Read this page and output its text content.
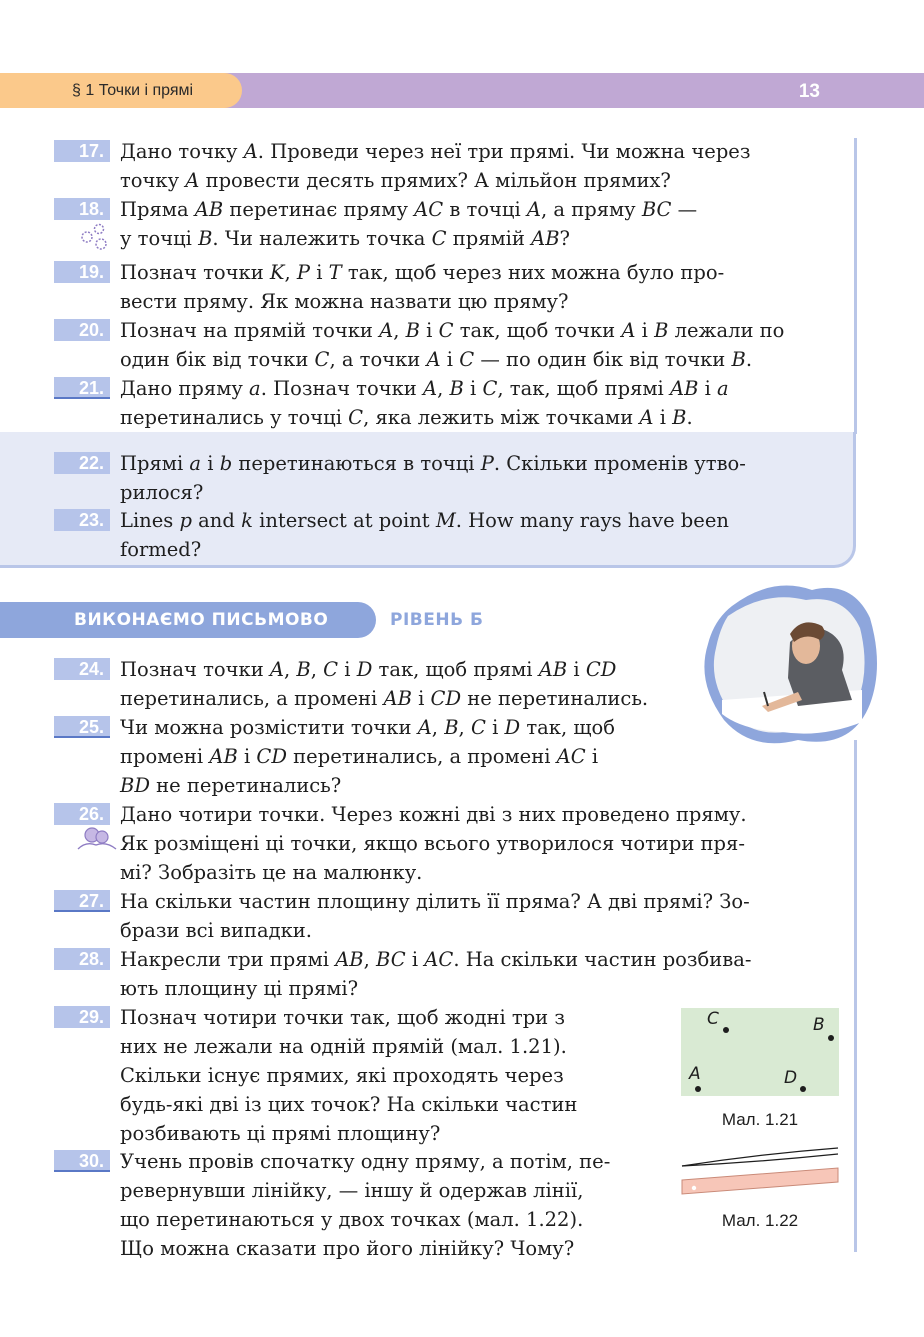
§ 1 Точки і прямі	13
ВИКОНАЄМО ПИСЬМОВО	РІВЕНЬ Б
17. Дано точку A. Проведи через неї три прямі. Чи можна через
точку A провести десять прямих? А мільйон прямих?
18. Пряма AB перетинає пряму AC в точці A, а пряму BC —
у точці B. Чи належить точка C прямій AB?
19. Познач точки K, P і T так, щоб через них можна було про-
вести пряму. Як можна назвати цю пряму?
20. Познач на прямій точки A, B і C так, щоб точки A і B лежали по
один бік від точки C, а точки A і C — по один бік від точки B.
21. Дано пряму a. Познач точки A, B і C, так, щоб прямі AB і a
перетинались у точці C, яка лежить між точками A і B.
22. Прямі a і b перетинаються в точці P. Скільки променів утво-
рилося?
23. Lines p and k intersect at point M. How many rays have been
formed?
24. Познач точки A, B, C і D так, щоб прямі AB і CD
перетинались, а промені AB і CD не перетинались.
25. Чи можна розмістити точки A, B, C і D так, щоб
промені AB і CD перетинались, а промені AC і
BD не перетинались?
26. Дано чотири точки. Через кожні дві з них проведено пряму.
Як розміщені ці точки, якщо всього утворилося чотири пря-
мі? Зобразіть це на малюнку.
27. На скільки частин площину ділить її пряма? А дві прямі? Зо-
брази всі випадки.
28. Накресли три прямі AB, BC і AC. На скільки частин розбива-
ють площину ці прямі?
29. Познач чотири точки так, щоб жодні три з
них не лежали на одній прямій (мал. 1.21).
Скільки існує прямих, які проходять через
будь-які дві із цих точок? На скільки частин
розбивають ці прямі площину?
30. Учень провів спочатку одну пряму, а потім, пе-
ревернувши лінійку, — іншу й одержав лінії,
що перетинаються у двох точках (мал. 1.22).
Що можна сказати про його лінійку? Чому?
C	B
A	D
Мал. 1.21
Мал. 1.22
